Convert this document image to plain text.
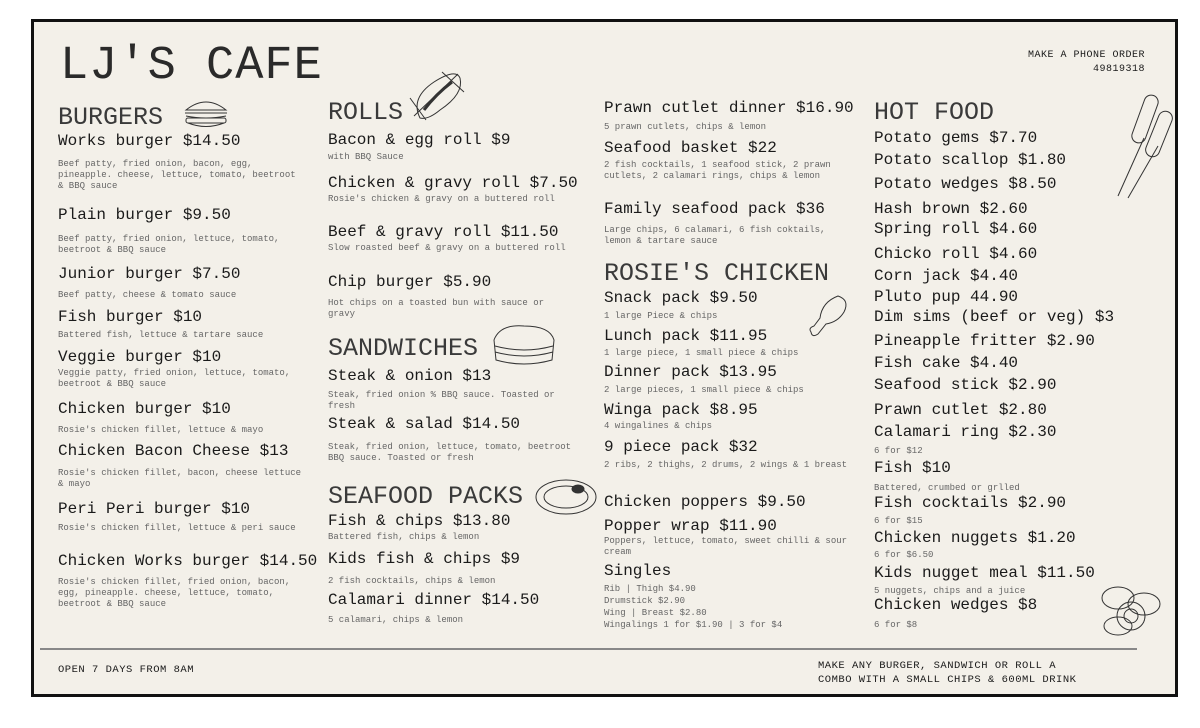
LJ'S CAFE	MAKE A PHONE ORDER
49819318
OPEN 7 DAYS FROM 8AM	MAKE ANY BURGER, SANDWICH OR ROLL A
COMBO WITH A SMALL CHIPS & 600ML DRINK
BURGERS
Works burger $14.50
Beef patty, fried onion, bacon, egg, pineapple. cheese, lettuce, tomato, beetroot & BBQ sauce
Plain burger $9.50
Beef patty, fried onion, lettuce, tomato, beetroot & BBQ sauce
Junior burger $7.50
Beef patty, cheese & tomato sauce
Fish burger $10
Battered fish, lettuce & tartare sauce
Veggie burger $10
Veggie patty, fried onion, lettuce, tomato, beetroot & BBQ sauce
Chicken burger $10
Rosie's chicken fillet, lettuce & mayo
Chicken Bacon Cheese $13
Rosie's chicken fillet, bacon, cheese lettuce & mayo
Peri Peri burger $10
Rosie's chicken fillet, lettuce & peri sauce
Chicken Works burger $14.50
Rosie's chicken fillet, fried onion, bacon, egg, pineapple. cheese, lettuce, tomato, beetroot & BBQ sauce
ROLLS
Bacon & egg roll $9
with BBQ Sauce
Chicken & gravy roll $7.50
Rosie's chicken & gravy on a buttered roll
Beef & gravy roll $11.50
Slow roasted beef & gravy on a buttered roll
Chip burger $5.90
Hot chips on a toasted bun with sauce or gravy
SANDWICHES
Steak & onion $13
Steak, fried onion % BBQ sauce. Toasted or fresh
Steak & salad $14.50
Steak, fried onion, lettuce, tomato, beetroot BBQ sauce. Toasted or fresh
SEAFOOD PACKS
Fish & chips $13.80
Battered fish, chips & lemon
Kids fish & chips $9
2 fish cocktails, chips & lemon
Calamari dinner $14.50
5 calamari, chips & lemon
Prawn cutlet dinner $16.90
5 prawn cutlets, chips & lemon
Seafood basket $22
2 fish cocktails, 1 seafood stick, 2 prawn cutlets, 2 calamari rings, chips & lemon
Family seafood pack $36
Large chips, 6 calamari, 6 fish coktails, lemon & tartare sauce
ROSIE'S CHICKEN
Snack pack $9.50
1 large Piece & chips
Lunch pack $11.95
1 large piece, 1 small piece & chips
Dinner pack $13.95
2 large pieces, 1 small piece & chips
Winga pack $8.95
4 wingalines & chips
9 piece pack $32
2 ribs, 2 thighs, 2 drums, 2 wings & 1 breast
Chicken poppers $9.50
Popper wrap $11.90
Poppers, lettuce, tomato, sweet chilli & sour cream
Singles
Rib | Thigh $4.90
Drumstick $2.90
Wing | Breast $2.80
Wingalings 1 for $1.90 | 3 for $4
HOT FOOD
Potato gems $7.70
Potato scallop $1.80
Potato wedges $8.50
Hash brown $2.60
Spring roll $4.60
Chicko roll $4.60
Corn jack $4.40
Pluto pup 44.90
Dim sims (beef or veg) $3
Pineapple fritter $2.90
Fish cake $4.40
Seafood stick $2.90
Prawn cutlet $2.80
Calamari ring $2.30
6 for $12
Fish $10
Battered, crumbed or grlled
Fish cocktails $2.90
6 for $15
Chicken nuggets $1.20
6 for $6.50
Kids nugget meal $11.50
5 nuggets, chips and a juice
Chicken wedges $8
6 for $8
